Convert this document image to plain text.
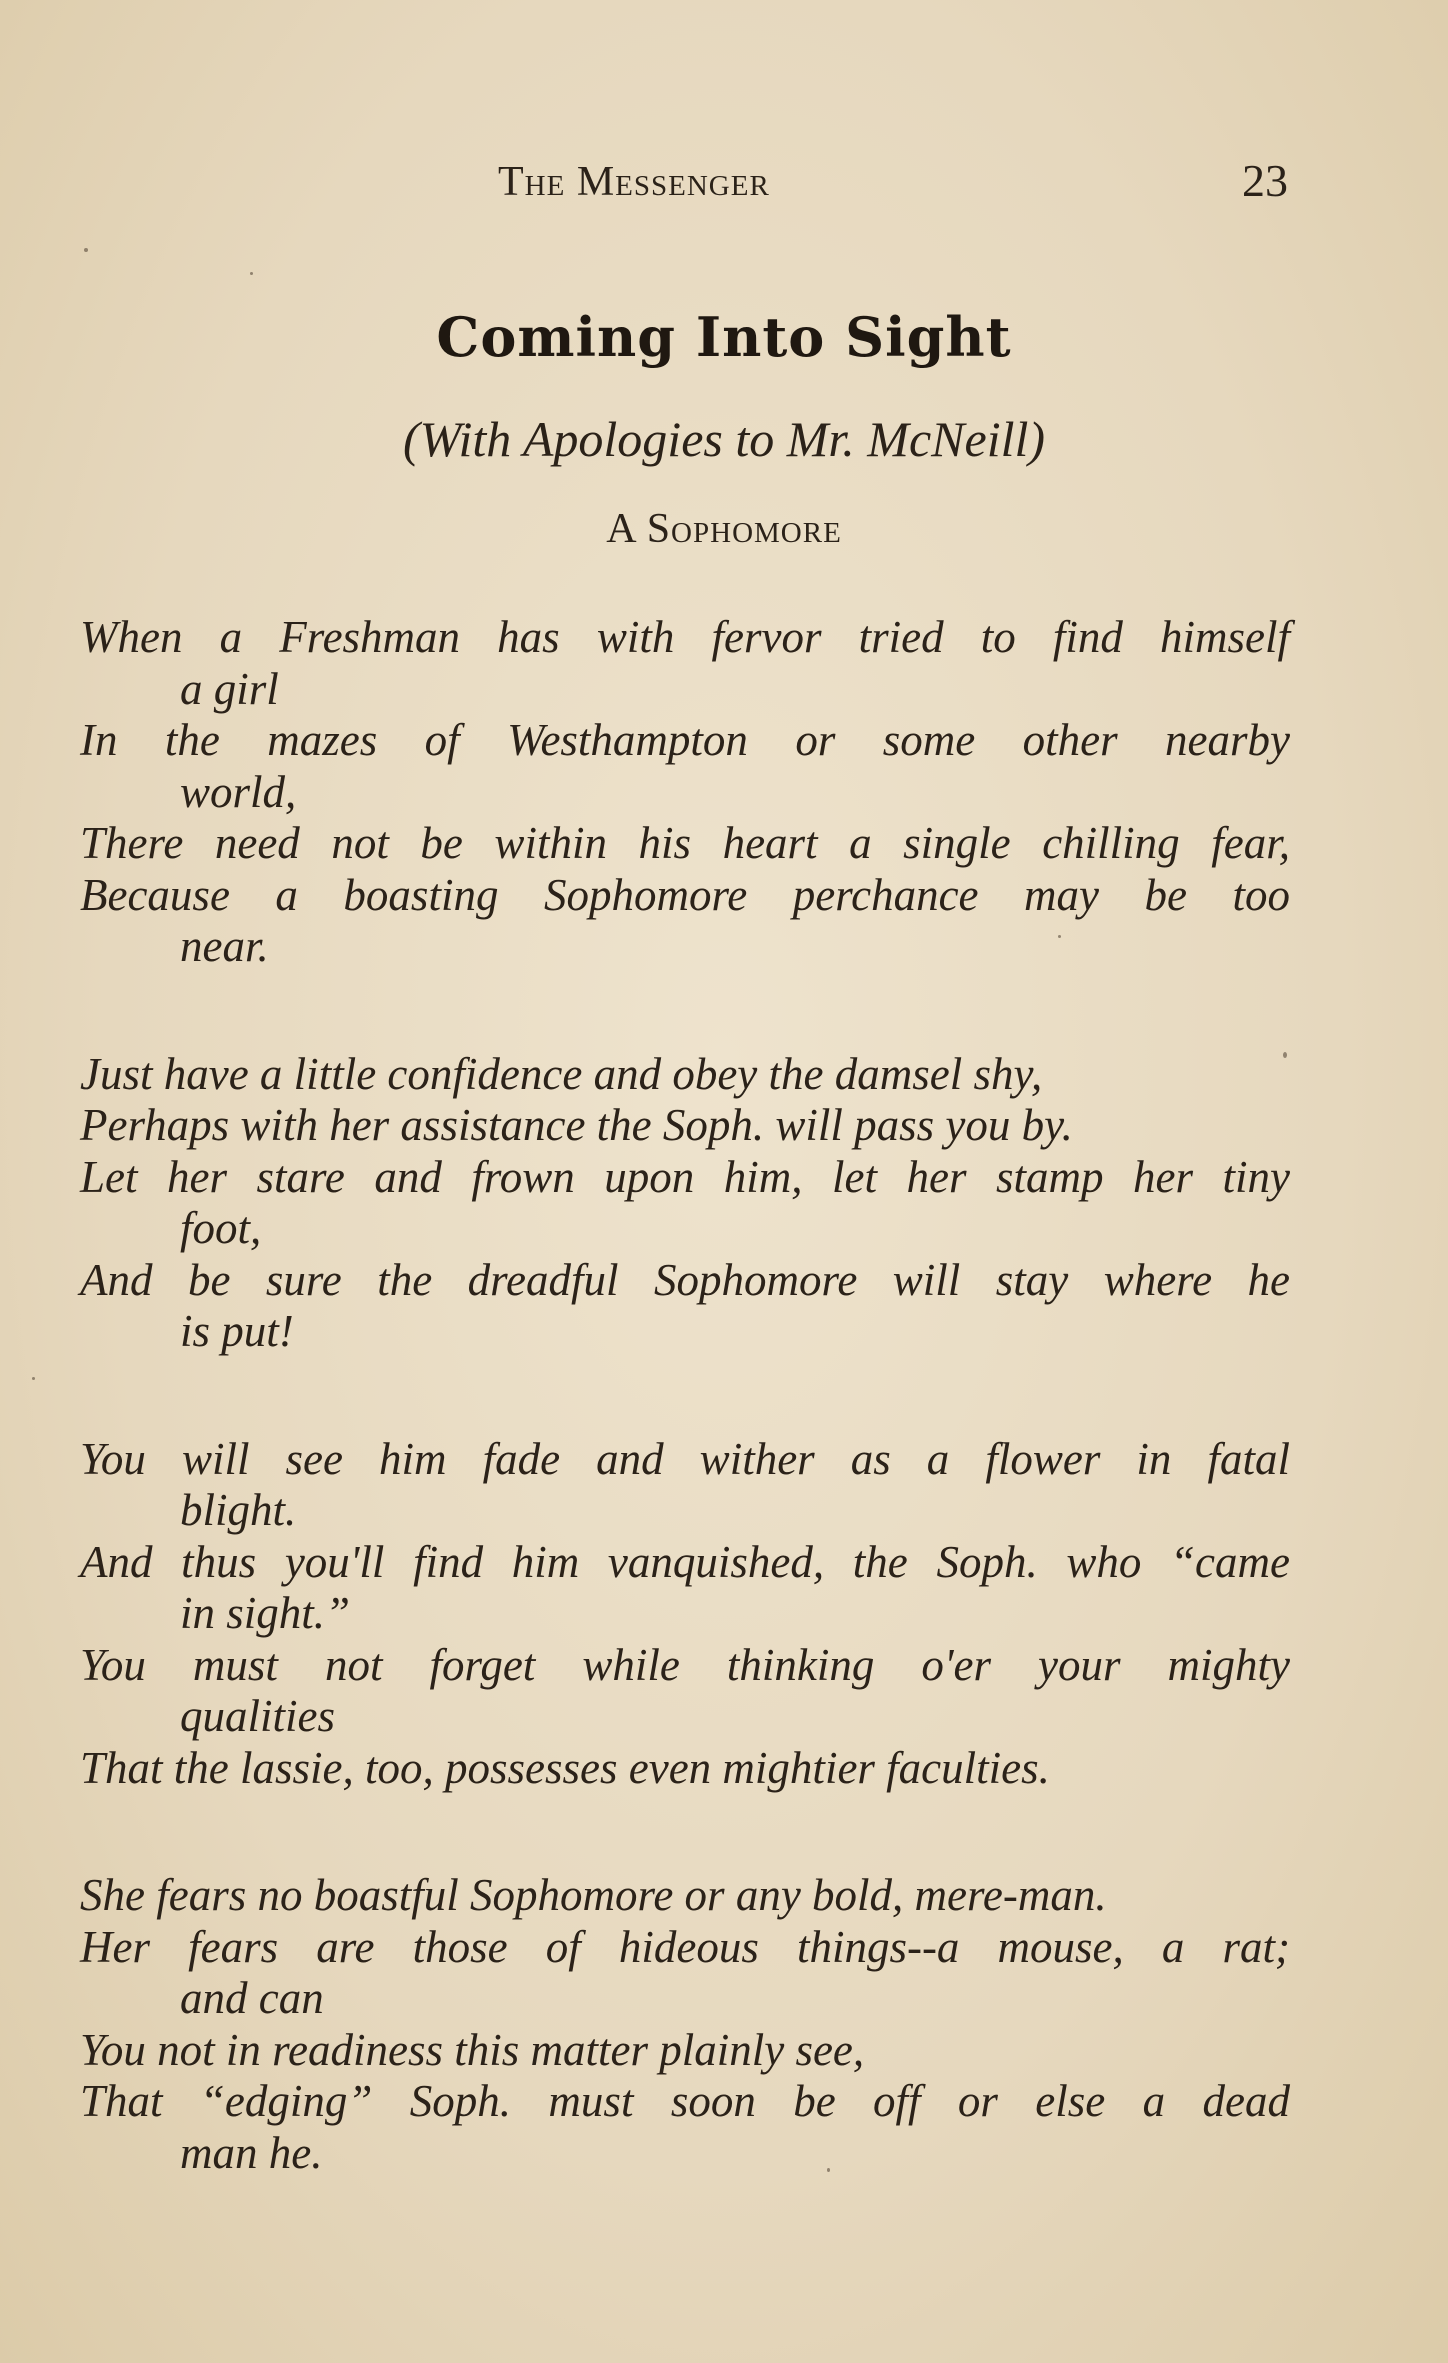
The Messenger	23
Coming Into Sight
(With Apologies to Mr. McNeill)
A Sophomore
When a Freshman has with fervor tried to find himself
a girl
In the mazes of Westhampton or some other nearby
world,
There need not be within his heart a single chilling fear,
Because a boasting Sophomore perchance may be too
near.
Just have a little confidence and obey the damsel shy,
Perhaps with her assistance the Soph. will pass you by.
Let her stare and frown upon him, let her stamp her tiny
foot,
And be sure the dreadful Sophomore will stay where he
is put!
You will see him fade and wither as a flower in fatal
blight.
And thus you'll find him vanquished, the Soph. who “came
in sight.”
You must not forget while thinking o'er your mighty
qualities
That the lassie, too, possesses even mightier faculties.
She fears no boastful Sophomore or any bold, mere-man.
Her fears are those of hideous things--a mouse, a rat;
and can
You not in readiness this matter plainly see,
That “edging” Soph. must soon be off or else a dead
man he.
